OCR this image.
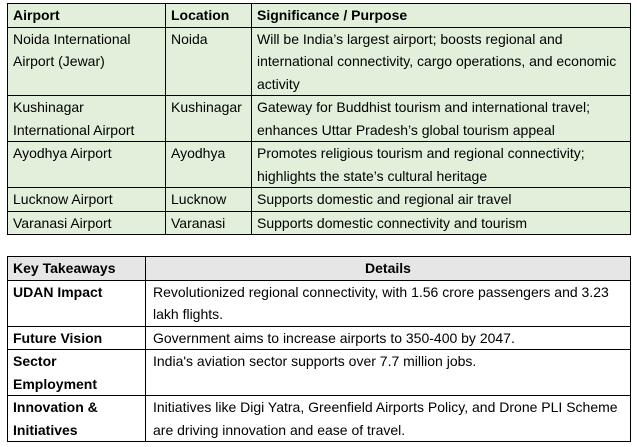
Airport	Location	Significance / Purpose
Noida International Airport (Jewar)	Noida	Will be India’s largest airport; boosts regional and international connectivity, cargo operations, and economic activity
Kushinagar International Airport	Kushinagar	Gateway for Buddhist tourism and international travel; enhances Uttar Pradesh’s global tourism appeal
Ayodhya Airport	Ayodhya	Promotes religious tourism and regional connectivity; highlights the state’s cultural heritage
Lucknow Airport	Lucknow	Supports domestic and regional air travel
Varanasi Airport	Varanasi	Supports domestic connectivity and tourism
Key Takeaways	Details
UDAN Impact	Revolutionized regional connectivity, with 1.56 crore passengers and 3.23 lakh flights.
Future Vision	Government aims to increase airports to 350-400 by 2047.
Sector Employment	India's aviation sector supports over 7.7 million jobs.
Innovation & Initiatives	Initiatives like Digi Yatra, Greenfield Airports Policy, and Drone PLI Scheme are driving innovation and ease of travel.
